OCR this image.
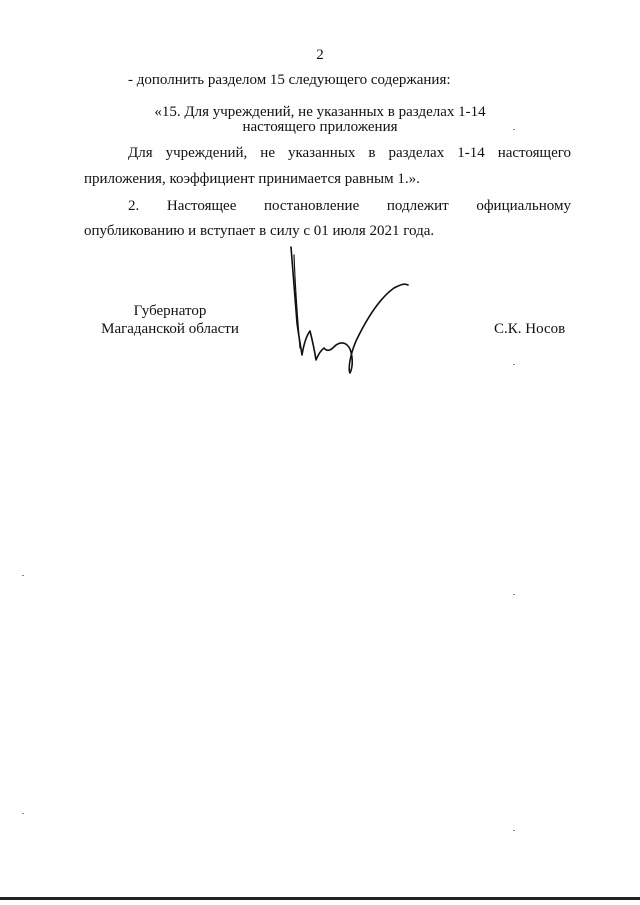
2
- дополнить разделом 15 следующего содержания:
«15. Для учреждений, не указанных в разделах 1-14
настоящего приложения
Для учреждений, не указанных в разделах 1-14 настоящего
приложения, коэффициент принимается равным 1.».
2. Настоящее постановление подлежит официальному
опубликованию и вступает в силу с 01 июля 2021 года.
Губернатор
Магаданской области	С.К. Носов
